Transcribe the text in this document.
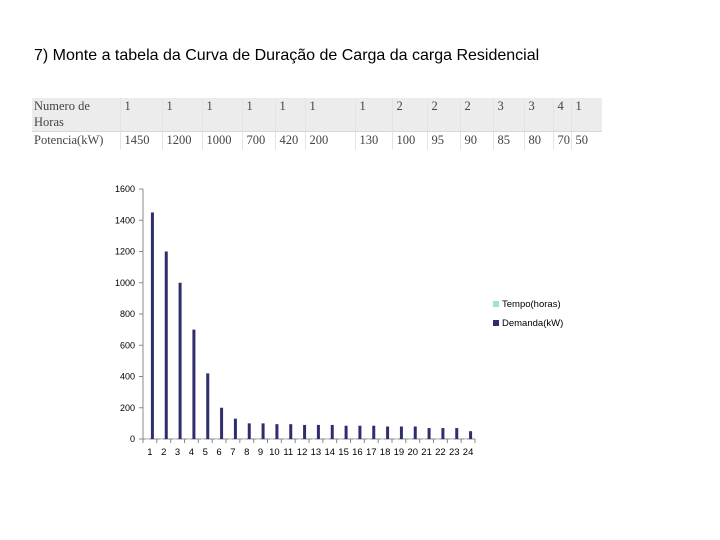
7) Monte a tabela da Curva de Duração de Carga da carga Residencial
Numero de Horas	1	1	1	1	1	1	1	2	2	2	3	3	4	1
Potencia(kW)	1450	1200	1000	700	420	200	130	100	95	90	85	80	70	50
0
200
400
600
800
1000
1200
1400
1600
1 2 3 4 5 6 7 8 9 10 11 12 13 14 15 16 17 18 19 20 21 22 23 24
Tempo(horas)
Demanda(kW)
